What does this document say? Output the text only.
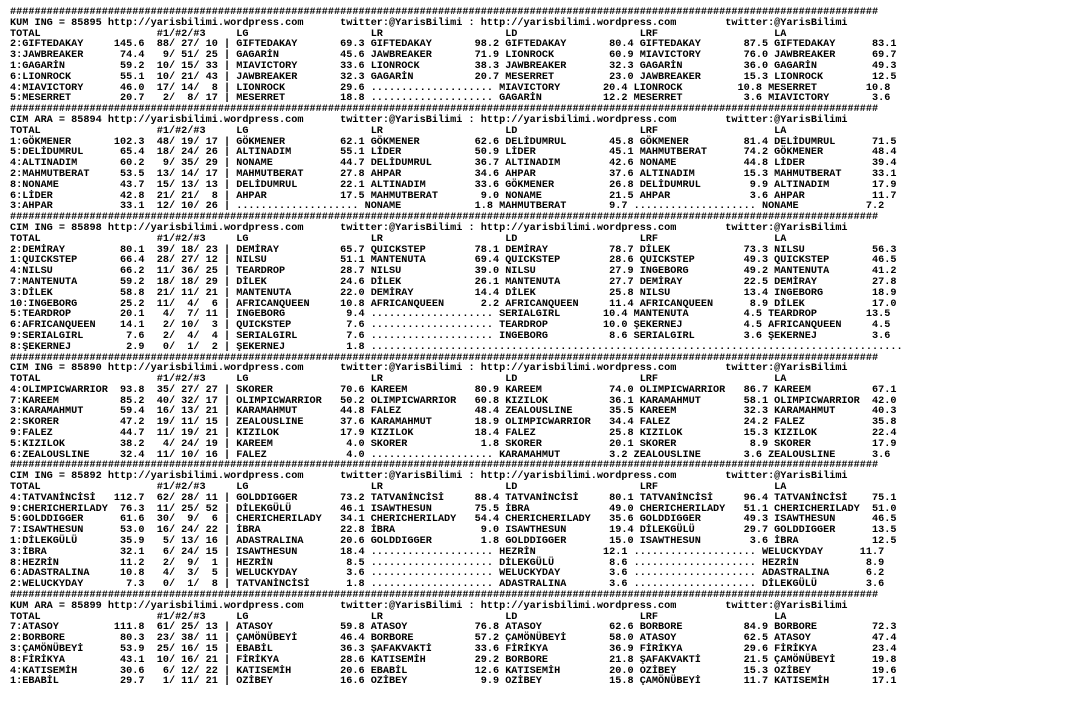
##############################################################################################################################################
KUM ING = 85895 http://yarisbilimi.wordpress.com      twitter:@YarisBilimi : http://yarisbilimi.wordpress.com        twitter:@YarisBilimi
TOTAL                   #1/#2/#3     LG                    LR                    LD                    LRF                   LA
2:GIFTEDAKAY     145.6  88/ 27/ 10 | GIFTEDAKAY       69.3 GIFTEDAKAY       98.2 GIFTEDAKAY       80.4 GIFTEDAKAY       87.5 GIFTEDAKAY      83.1
3:JAWBREAKER      74.4   9/ 51/ 25 | GAGARİN          45.6 JAWBREAKER       71.9 LIONROCK         60.9 MIAVICTORY       76.0 JAWBREAKER      69.7
1:GAGARİN         59.2  10/ 15/ 33 | MIAVICTORY       33.6 LIONROCK         38.3 JAWBREAKER       32.3 GAGARİN          36.0 GAGARİN         49.3
6:LIONROCK        55.1  10/ 21/ 43 | JAWBREAKER       32.3 GAGARİN          20.7 MESERRET         23.0 JAWBREAKER       15.3 LIONROCK        12.5
4:MIAVICTORY      46.0  17/ 14/  8 | LIONROCK         29.6 .................... MIAVICTORY       20.4 LIONROCK         10.8 MESERRET        10.8
5:MESERRET        20.7   2/  8/ 17 | MESERRET         18.8 .................... GAGARİN          12.2 MESERRET          3.6 MIAVICTORY       3.6
##############################################################################################################################################
CIM ARA = 85894 http://yarisbilimi.wordpress.com      twitter:@YarisBilimi : http://yarisbilimi.wordpress.com        twitter:@YarisBilimi
TOTAL                   #1/#2/#3     LG                    LR                    LD                    LRF                   LA
1:GÖKMENER       102.3  48/ 19/ 17 | GÖKMENER         62.1 GÖKMENER         62.6 DELİDUMRUL       45.8 GÖKMENER         81.4 DELİDUMRUL      71.5
5:DELİDUMRUL      65.4  18/ 24/ 26 | ALTINADIM        55.1 LİDER            50.9 LİDER            45.1 MAHMUTBERAT      74.2 GÖKMENER        48.4
4:ALTINADIM       60.2   9/ 35/ 29 | NONAME           44.7 DELİDUMRUL       36.7 ALTINADIM        42.6 NONAME           44.8 LİDER           39.4
2:MAHMUTBERAT     53.5  13/ 14/ 17 | MAHMUTBERAT      27.8 AHPAR            34.6 AHPAR            37.6 ALTINADIM        15.3 MAHMUTBERAT     33.1
8:NONAME          43.7  15/ 13/ 13 | DELİDUMRUL       22.1 ALTINADIM        33.6 GÖKMENER         26.8 DELİDUMRUL        9.9 ALTINADIM       17.9
6:LİDER           42.8  21/ 21/  8 | AHPAR            17.5 MAHMUTBERAT       9.0 NONAME           21.5 AHPAR             3.6 AHPAR           11.7
3:AHPAR           33.1  12/ 10/ 26 | .................... NONAME            1.8 MAHMUTBERAT       9.7 .................... NONAME           7.2
##############################################################################################################################################
CIM ING = 85898 http://yarisbilimi.wordpress.com      twitter:@YarisBilimi : http://yarisbilimi.wordpress.com        twitter:@YarisBilimi
TOTAL                   #1/#2/#3     LG                    LR                    LD                    LRF                   LA
2:DEMİRAY         80.1  39/ 18/ 23 | DEMİRAY          65.7 QUICKSTEP        78.1 DEMİRAY          78.7 DİLEK            73.3 NILSU           56.3
1:QUICKSTEP       66.4  28/ 27/ 12 | NILSU            51.1 MANTENUTA        69.4 QUICKSTEP        28.6 QUICKSTEP        49.3 QUICKSTEP       46.5
4:NILSU           66.2  11/ 36/ 25 | TEARDROP         28.7 NILSU            39.0 NILSU            27.9 INGEBORG         49.2 MANTENUTA       41.2
7:MANTENUTA       59.2  18/ 18/ 29 | DİLEK            24.6 DİLEK            26.1 MANTENUTA        27.7 DEMİRAY          22.5 DEMİRAY         27.8
3:DİLEK           58.8  21/ 11/ 21 | MANTENUTA        22.0 DEMİRAY          14.4 DİLEK            25.8 NILSU            13.4 INGEBORG        18.9
10:INGEBORG       25.2  11/  4/  6 | AFRICANQUEEN     10.8 AFRICANQUEEN      2.2 AFRICANQUEEN     11.4 AFRICANQUEEN      8.9 DİLEK           17.0
5:TEARDROP        20.1   4/  7/ 11 | INGEBORG          9.4 .................... SERIALGIRL       10.4 MANTENUTA         4.5 TEARDROP        13.5
6:AFRICANQUEEN    14.1   2/ 10/  3 | QUICKSTEP         7.6 .................... TEARDROP         10.0 ŞEKERNEJ          4.5 AFRICANQUEEN     4.5
9:SERIALGIRL       7.6   2/  4/  4 | SERIALGIRL        7.6 .................... INGEBORG          8.6 SERIALGIRL        3.6 ŞEKERNEJ         3.6
8:ŞEKERNEJ         2.9   0/  1/  2 | ŞEKERNEJ          1.8 .......................................................................................
##############################################################################################################################################
CIM ING = 85890 http://yarisbilimi.wordpress.com      twitter:@YarisBilimi : http://yarisbilimi.wordpress.com        twitter:@YarisBilimi
TOTAL                   #1/#2/#3     LG                    LR                    LD                    LRF                   LA
4:OLIMPICWARRIOR  93.8  35/ 27/ 27 | SKORER           70.6 KAREEM           80.9 KAREEM           74.0 OLIMPICWARRIOR   86.7 KAREEM          67.1
7:KAREEM          85.2  40/ 32/ 17 | OLIMPICWARRIOR   50.2 OLIMPICWARRIOR   60.8 KIZILOK          36.1 KARAMAHMUT       58.1 OLIMPICWARRIOR  42.0
3:KARAMAHMUT      59.4  16/ 13/ 21 | KARAMAHMUT       44.8 FALEZ            48.4 ZEALOUSLINE      35.5 KAREEM           32.3 KARAMAHMUT      40.3
2:SKORER          47.2  19/ 11/ 15 | ZEALOUSLINE      37.6 KARAMAHMUT       18.9 OLIMPICWARRIOR   34.4 FALEZ            24.2 FALEZ           35.8
9:FALEZ           44.7  11/ 19/ 21 | KIZILOK          17.9 KIZILOK          18.4 FALEZ            25.8 KIZILOK          15.3 KIZILOK         22.4
5:KIZILOK         38.2   4/ 24/ 19 | KAREEM            4.0 SKORER            1.8 SKORER           20.1 SKORER            8.9 SKORER          17.9
6:ZEALOUSLINE     32.4  11/ 10/ 16 | FALEZ             4.0 .................... KARAMAHMUT        3.2 ZEALOUSLINE       3.6 ZEALOUSLINE      3.6
##############################################################################################################################################
CIM ING = 85892 http://yarisbilimi.wordpress.com      twitter:@YarisBilimi : http://yarisbilimi.wordpress.com        twitter:@YarisBilimi
TOTAL                   #1/#2/#3     LG                    LR                    LD                    LRF                   LA
4:TATVANİNCİSİ   112.7  62/ 28/ 11 | GOLDDIGGER       73.2 TATVANİNCİSİ     88.4 TATVANİNCİSİ     80.1 TATVANİNCİSİ     96.4 TATVANİNCİSİ    75.1
9:CHERICHERILADY  76.3  11/ 25/ 52 | DİLEKGÜLÜ        46.1 ISAWTHESUN       75.5 İBRA             49.0 CHERICHERILADY   51.1 CHERICHERILADY  51.0
5:GOLDDIGGER      61.6  30/  9/  6 | CHERICHERILADY   34.1 CHERICHERILADY   54.4 CHERICHERILADY   35.6 GOLDDIGGER       49.3 ISAWTHESUN      46.5
7:ISAWTHESUN      53.0  16/ 24/ 22 | İBRA             22.8 İBRA              9.0 ISAWTHESUN       19.4 DİLEKGÜLÜ        29.7 GOLDDIGGER      13.5
1:DİLEKGÜLÜ       35.9   5/ 13/ 16 | ADASTRALINA      20.6 GOLDDIGGER        1.8 GOLDDIGGER       15.0 ISAWTHESUN        3.6 İBRA            12.5
3:İBRA            32.1   6/ 24/ 15 | ISAWTHESUN       18.4 .................... HEZRİN           12.1 .................... WELUCKYDAY      11.7
8:HEZRİN          11.2   2/  9/  1 | HEZRİN            8.5 .................... DİLEKGÜLÜ         8.6 .................... HEZRİN           8.9
6:ADASTRALINA     10.8   4/  3/  5 | WELUCKYDAY        3.6 .................... WELUCKYDAY        3.6 .................... ADASTRALINA      6.2
2:WELUCKYDAY       7.3   0/  1/  8 | TATVANİNCİSİ      1.8 .................... ADASTRALINA       3.6 .................... DİLEKGÜLÜ        3.6
##############################################################################################################################################
KUM ARA = 85899 http://yarisbilimi.wordpress.com      twitter:@YarisBilimi : http://yarisbilimi.wordpress.com        twitter:@YarisBilimi
TOTAL                   #1/#2/#3     LG                    LR                    LD                    LRF                   LA
7:ATASOY         111.8  61/ 25/ 13 | ATASOY           59.8 ATASOY           76.8 ATASOY           62.6 BORBORE          84.9 BORBORE         72.3
2:BORBORE         80.3  23/ 38/ 11 | ÇAMÖNÜBEYİ       46.4 BORBORE          57.2 ÇAMÖNÜBEYİ       58.0 ATASOY           62.5 ATASOY          47.4
3:ÇAMÖNÜBEYİ      53.9  25/ 16/ 15 | EBABİL           36.3 ŞAFAKVAKTİ       33.6 FİRİKYA          36.9 FİRİKYA          29.6 FİRİKYA         23.4
8:FİRİKYA         43.1  10/ 16/ 21 | FİRİKYA          28.6 KATISEMİH        29.2 BORBORE          21.8 ŞAFAKVAKTİ       21.5 ÇAMÖNÜBEYİ      19.8
4:KATISEMİH       30.6   6/ 12/ 22 | KATISEMİH        20.6 EBABİL           12.6 KATISEMİH        20.0 OZİBEY           15.3 OZİBEY          19.6
1:EBABİL          29.7   1/ 11/ 21 | OZİBEY           16.6 OZİBEY            9.9 OZİBEY           15.8 ÇAMÖNÜBEYİ       11.7 KATISEMİH       17.1
